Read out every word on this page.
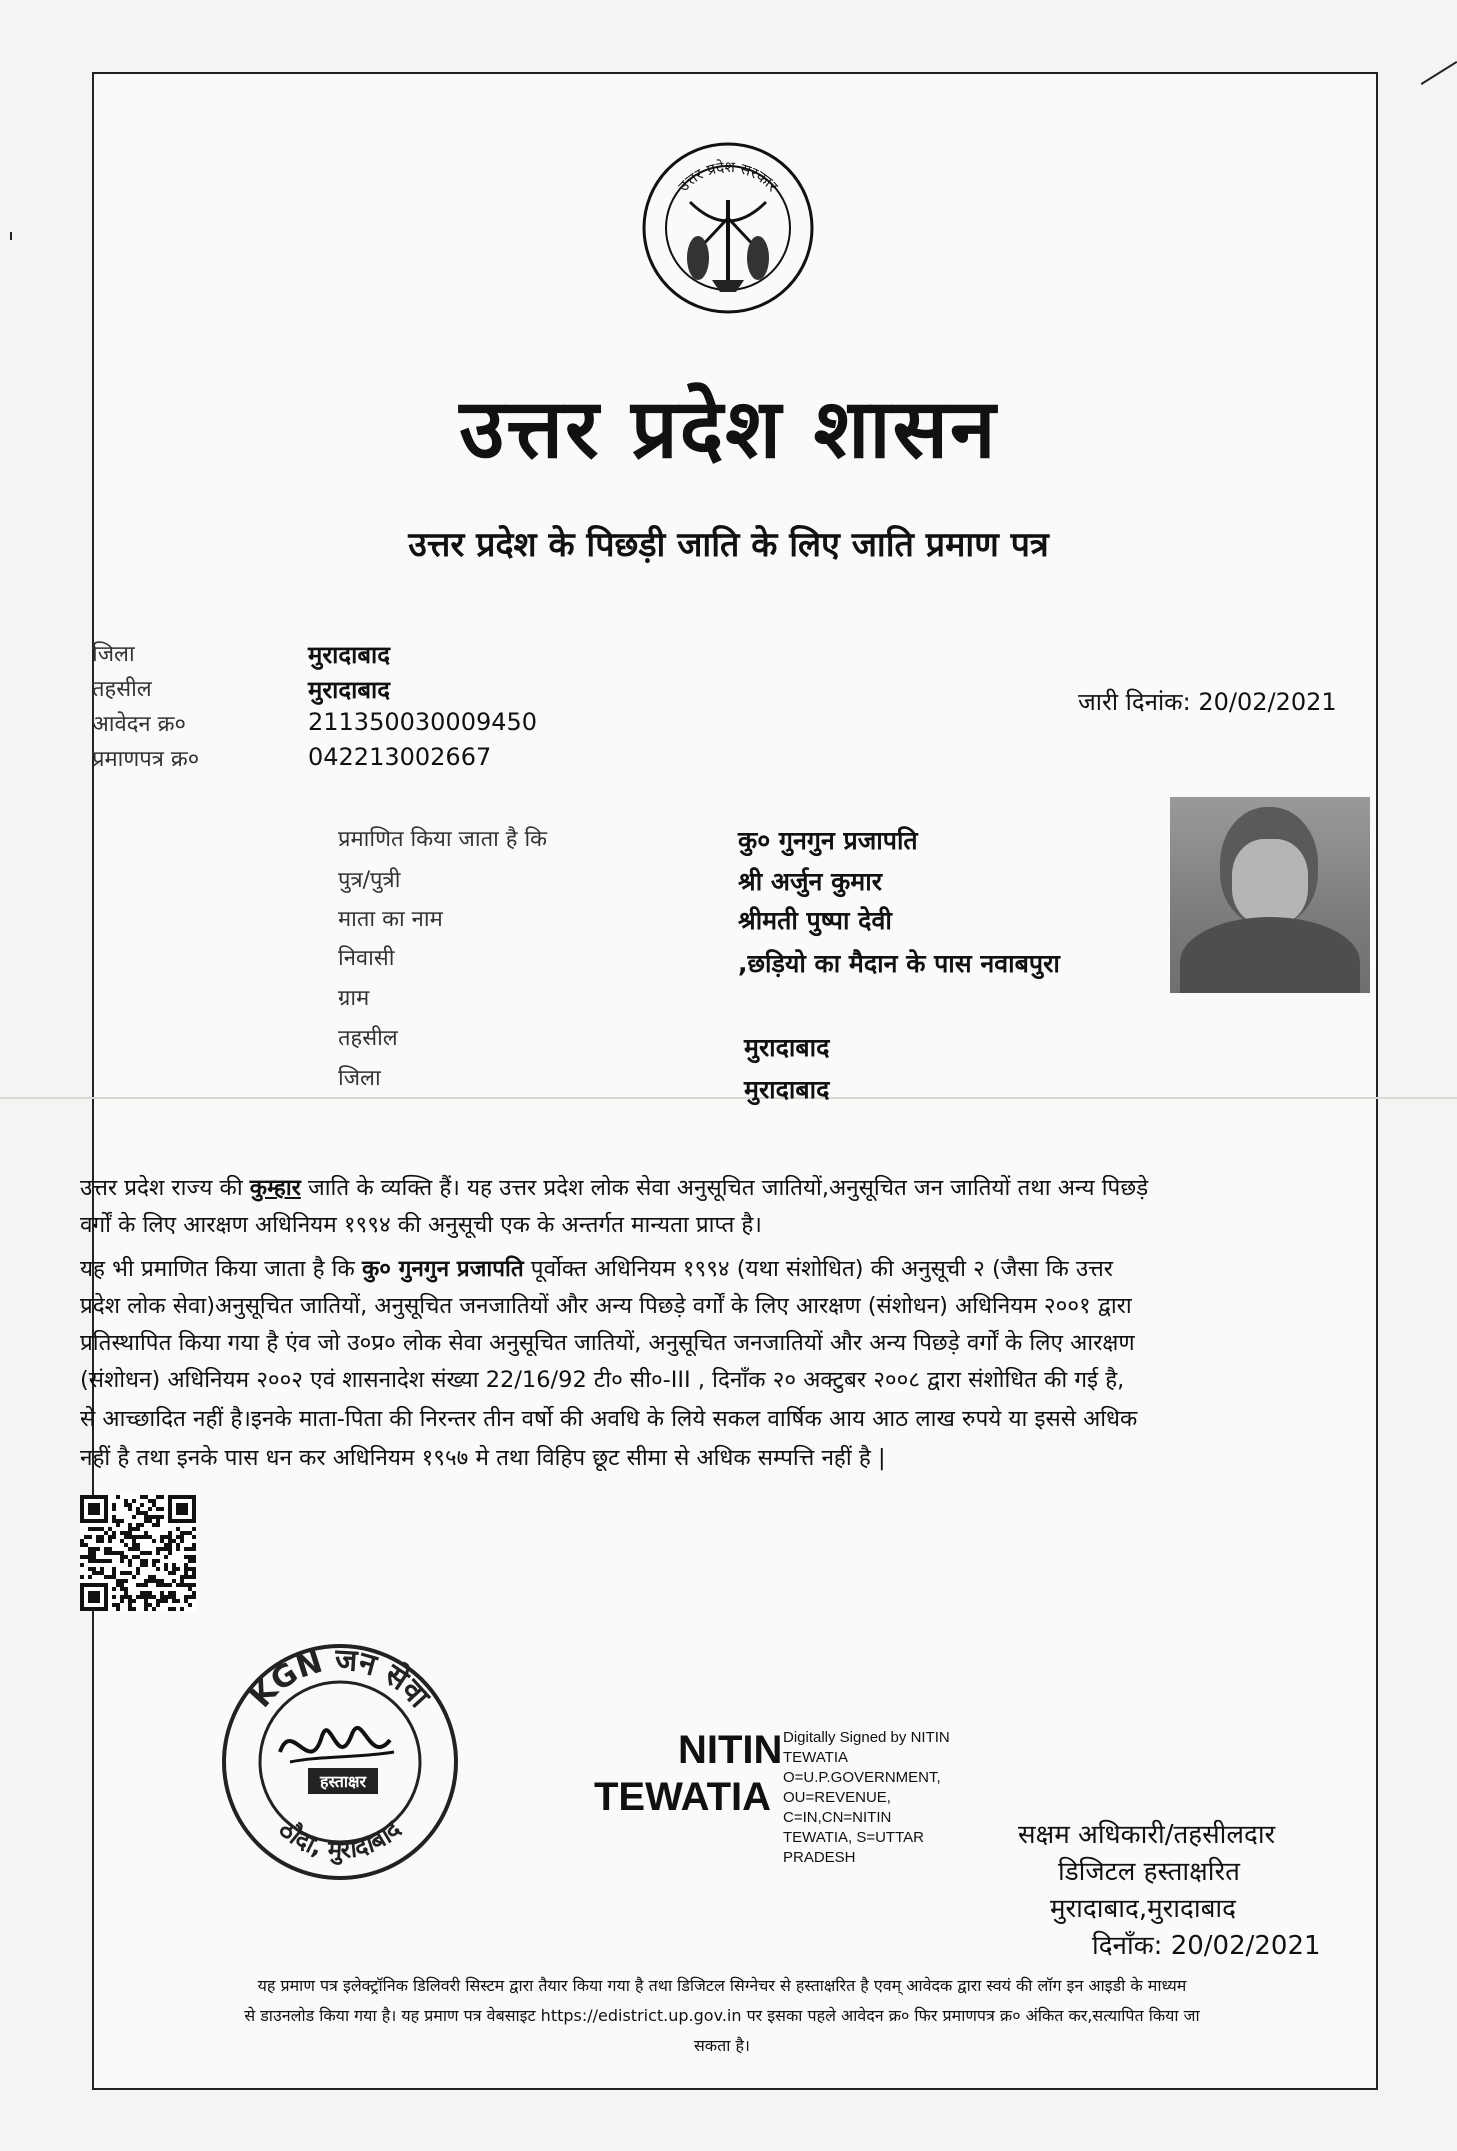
उत्तर प्रदेश सरकार
उत्तर प्रदेश शासन
उत्तर प्रदेश के पिछड़ी जाति के लिए जाति प्रमाण पत्र
जिला	मुरादाबाद
तहसील	मुरादाबाद
आवेदन क्र०	211350030009450
प्रमाणपत्र क्र०	042213002667
जारी दिनांक: 20/02/2021
प्रमाणित किया जाता है कि	कु० गुनगुन प्रजापति
पुत्र/पुत्री	श्री अर्जुन कुमार
माता का नाम	श्रीमती पुष्पा देवी
निवासी	,छड़ियो का मैदान के पास नवाबपुरा
ग्राम
तहसील	मुरादाबाद
जिला	मुरादाबाद
उत्तर प्रदेश राज्य की कुम्हार जाति के व्यक्ति हैं। यह उत्तर प्रदेश लोक सेवा अनुसूचित जातियों,अनुसूचित जन जातियों तथा अन्य पिछड़े
वर्गों के लिए आरक्षण अधिनियम १९९४ की अनुसूची एक के अन्तर्गत मान्यता प्राप्त है।
यह भी प्रमाणित किया जाता है कि कु० गुनगुन प्रजापति पूर्वोक्त अधिनियम १९९४ (यथा संशोधित) की अनुसूची २ (जैसा कि उत्तर
प्रदेश लोक सेवा)अनुसूचित जातियों, अनुसूचित जनजातियों और अन्य पिछड़े वर्गों के लिए आरक्षण (संशोधन) अधिनियम २००१ द्वारा
प्रतिस्थापित किया गया है एंव जो उ०प्र० लोक सेवा अनुसूचित जातियों, अनुसूचित जनजातियों और अन्य पिछड़े वर्गों के लिए आरक्षण
(संशोधन) अधिनियम २००२ एवं शासनादेश संख्या 22/16/92 टी० सी०-III , दिनाँक २० अक्टुबर २००८ द्वारा संशोधित की गई है,
से आच्छादित नहीं है।इनके माता-पिता की निरन्तर तीन वर्षो की अवधि के लिये सकल वार्षिक आय आठ लाख रुपये या इससे अधिक
नहीं है तथा इनके पास धन कर अधिनियम १९५७ मे तथा विहिप छूट सीमा से अधिक सम्पत्ति नहीं है |
KGN जन सेवा
ठौदा, मुरादाबाद
हस्ताक्षर
NITIN
TEWATIA
Digitally Signed by NITIN
TEWATIA
O=U.P.GOVERNMENT,
OU=REVENUE,
C=IN,CN=NITIN
TEWATIA, S=UTTAR
PRADESH
सक्षम अधिकारी/तहसीलदार
डिजिटल हस्ताक्षरित
मुरादाबाद,मुरादाबाद
दिनाँक: 20/02/2021
यह प्रमाण पत्र इलेक्ट्रॉनिक डिलिवरी सिस्टम द्वारा तैयार किया गया है तथा डिजिटल सिग्नेचर से हस्ताक्षरित है एवम् आवेदक द्वारा स्वयं की लॉग इन आइडी के माध्यम
से डाउनलोड किया गया है। यह प्रमाण पत्र वेबसाइट https://edistrict.up.gov.in पर इसका पहले आवेदन क्र० फिर प्रमाणपत्र क्र० अंकित कर,सत्यापित किया जा
सकता है।
